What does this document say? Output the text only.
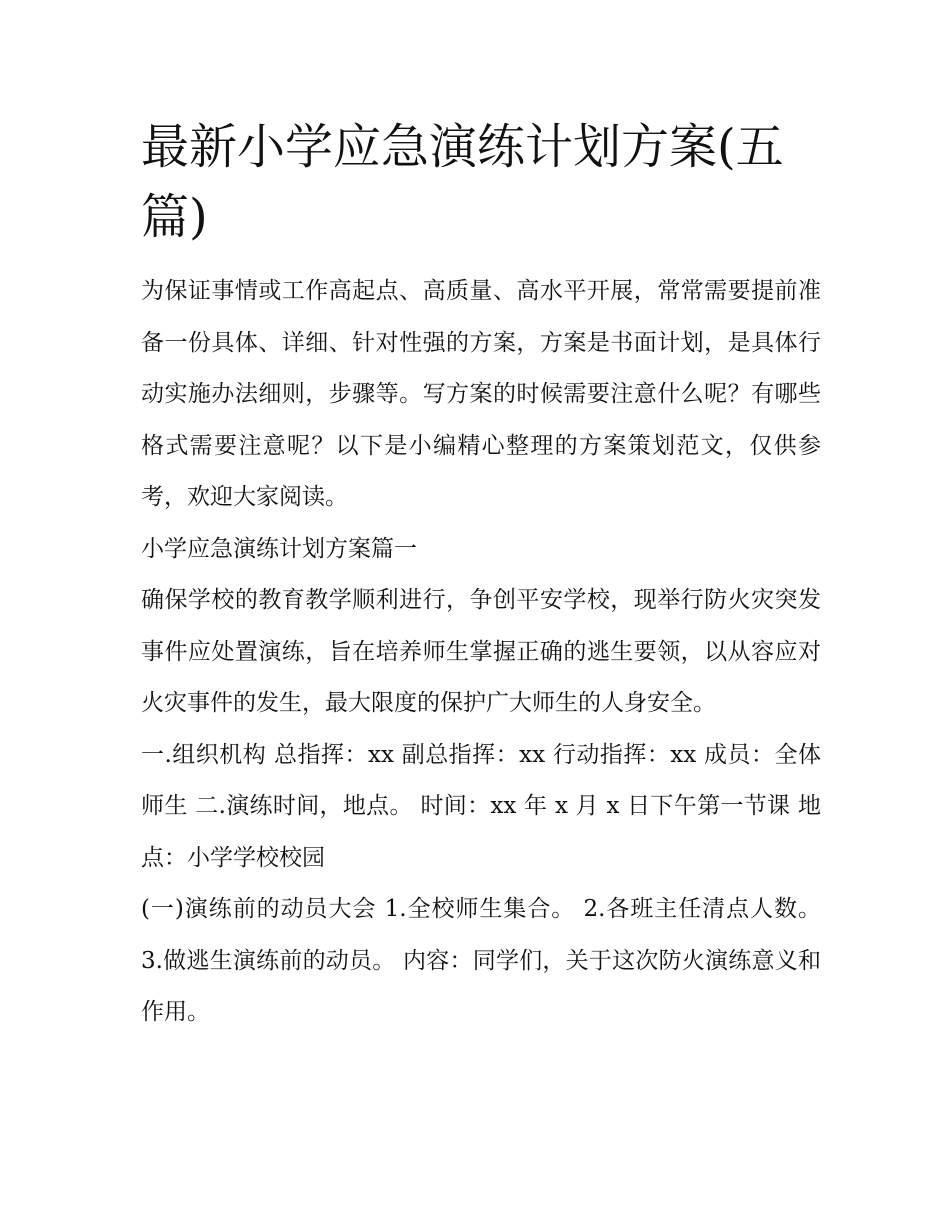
最新小学应急演练计划方案(五篇)

为保证事情或工作高起点、高质量、高水平开展，常常需要提前准备一份具体、详细、针对性强的方案，方案是书面计划，是具体行动实施办法细则，步骤等。写方案的时候需要注意什么呢？有哪些格式需要注意呢？以下是小编精心整理的方案策划范文，仅供参考，欢迎大家阅读。

小学应急演练计划方案篇一

确保学校的教育教学顺利进行，争创平安学校，现举行防火灾突发事件应处置演练，旨在培养师生掌握正确的逃生要领，以从容应对火灾事件的发生，最大限度的保护广大师生的人身安全。

一.组织机构 总指挥：xx 副总指挥：xx 行动指挥：xx 成员：全体师生 二.演练时间，地点。 时间：xx 年 x 月 x 日下午第一节课 地点：小学学校校园

(一)演练前的动员大会 1.全校师生集合。 2.各班主任清点人数。 3.做逃生演练前的动员。 内容：同学们，关于这次防火演练意义和作用。
